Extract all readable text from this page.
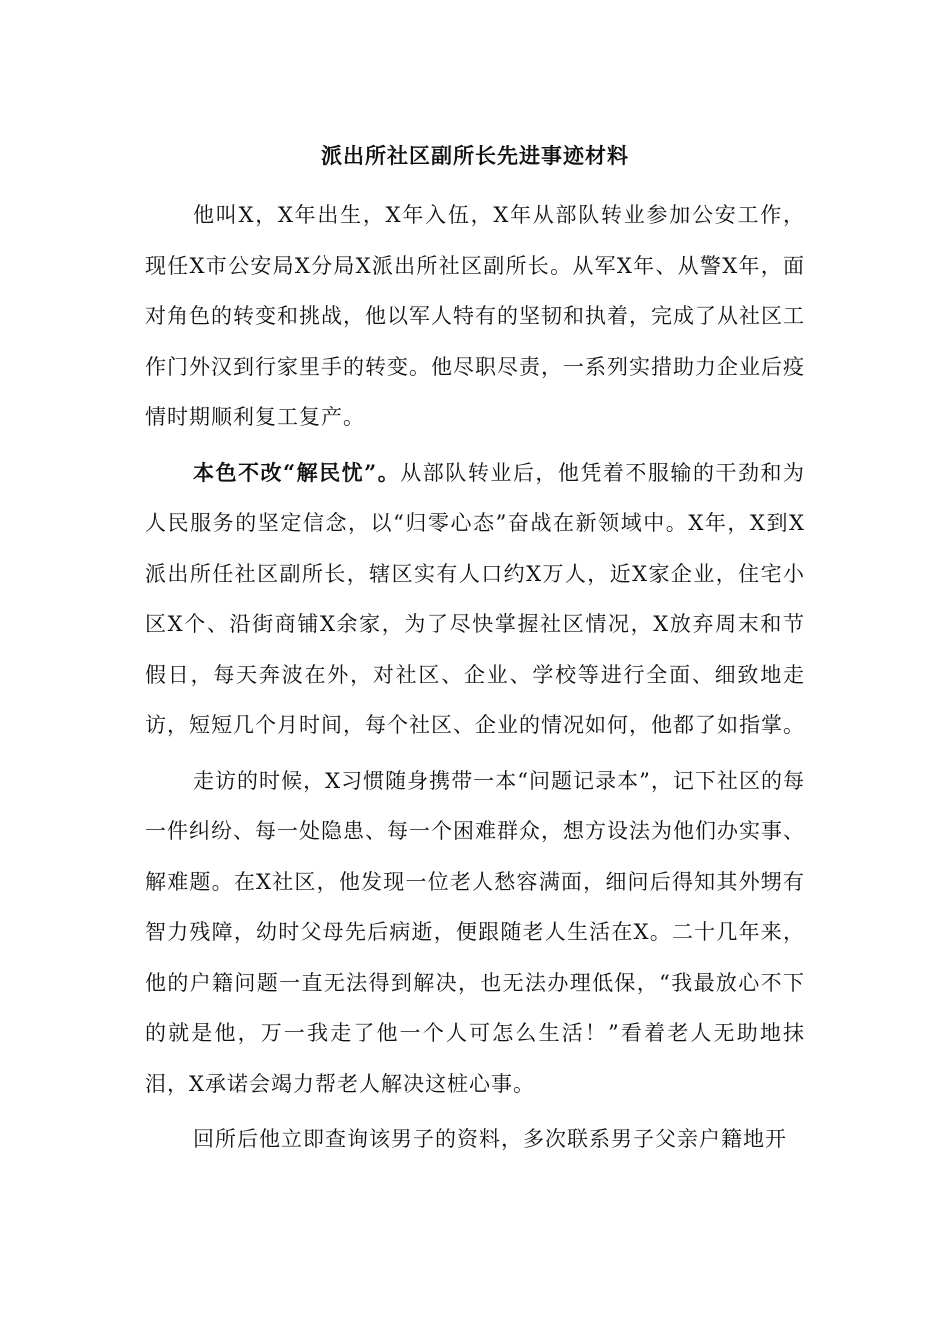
派出所社区副所长先进事迹材料

他叫X，X年出生，X年入伍，X年从部队转业参加公安工作，现任X市公安局X分局X派出所社区副所长。从军X年、从警X年，面对角色的转变和挑战，他以军人特有的坚韧和执着，完成了从社区工作门外汉到行家里手的转变。他尽职尽责，一系列实措助力企业后疫情时期顺利复工复产。

本色不改“解民忧”。从部队转业后，他凭着不服输的干劲和为人民服务的坚定信念，以“归零心态”奋战在新领域中。X年，X到X派出所任社区副所长，辖区实有人口约X万人，近X家企业，住宅小区X个、沿街商铺X余家，为了尽快掌握社区情况，X放弃周末和节假日，每天奔波在外，对社区、企业、学校等进行全面、细致地走访，短短几个月时间，每个社区、企业的情况如何，他都了如指掌。

走访的时候，X习惯随身携带一本“问题记录本”，记下社区的每一件纠纷、每一处隐患、每一个困难群众，想方设法为他们办实事、解难题。在X社区，他发现一位老人愁容满面，细问后得知其外甥有智力残障，幼时父母先后病逝，便跟随老人生活在X。二十几年来，他的户籍问题一直无法得到解决，也无法办理低保，“我最放心不下的就是他，万一我走了他一个人可怎么生活！”看着老人无助地抹泪，X承诺会竭力帮老人解决这桩心事。

回所后他立即查询该男子的资料，多次联系男子父亲户籍地开
